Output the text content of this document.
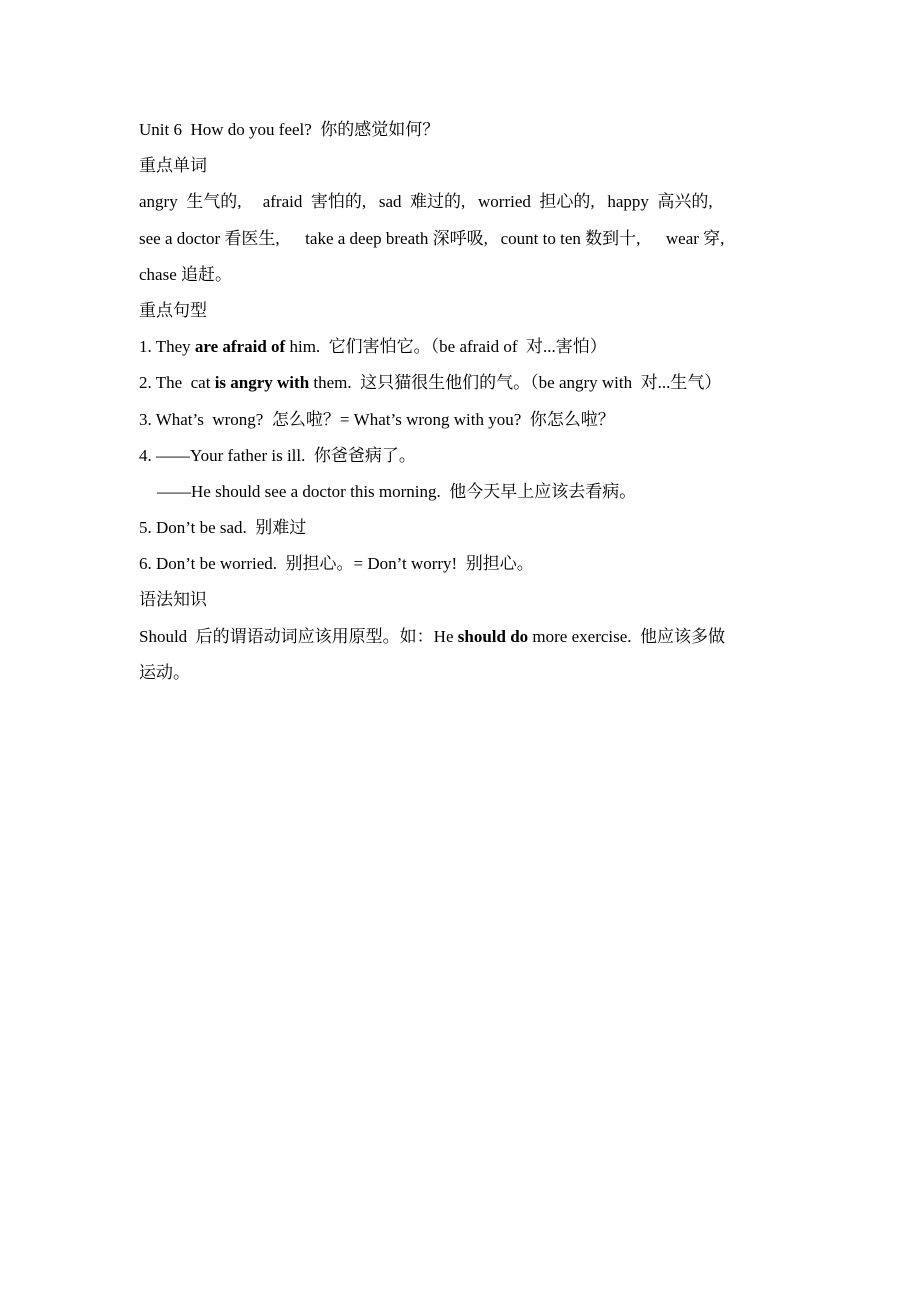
Unit 6  How do you feel?  你的感觉如何？
重点单词
angry  生气的,     afraid  害怕的,   sad  难过的,   worried  担心的,   happy  高兴的,
see a doctor 看医生,      take a deep breath 深呼吸,   count to ten 数到十,      wear 穿,
chase 追赶。
重点句型
1. They are afraid of him.  它们害怕它。（be afraid of  对...害怕）
2. The  cat is angry with them.  这只猫很生他们的气。（be angry with  对...生气）
3. What’s  wrong?  怎么啦？= What’s wrong with you?  你怎么啦？
4. ——Your father is ill.  你爸爸病了。
——He should see a doctor this morning.  他今天早上应该去看病。
5. Don’t be sad.  别难过
6. Don’t be worried.  别担心。= Don’t worry!  别担心。
语法知识
Should  后的谓语动词应该用原型。如：He should do more exercise.  他应该多做
运动。
